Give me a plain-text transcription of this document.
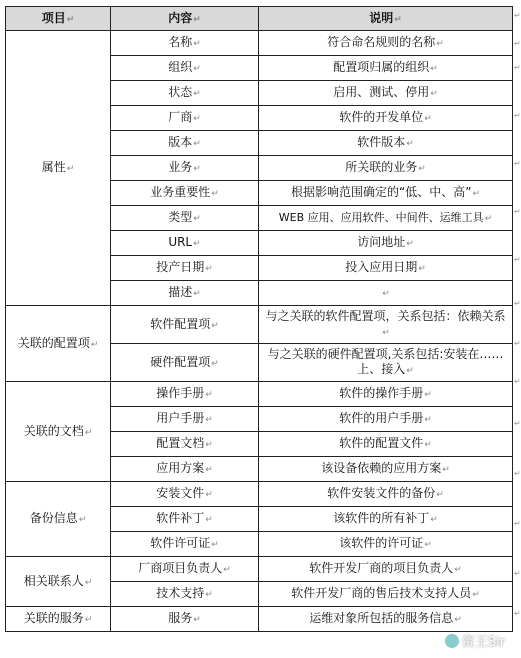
项目↵	内容↵	说明↵
属性↵	名称↵	符合命名规则的名称↵
	组织↵	配置项归属的组织↵
	状态↵	启用、测试、停用↵
	厂商↵	软件的开发单位↵
	版本↵	软件版本↵
	业务↵	所关联的业务↵
	业务重要性↵	根据影响范围确定的“低、中、高”↵
	类型↵	WEB 应用、应用软件、中间件、运维工具↵
	URL↵	访问地址↵
	投产日期↵	投入应用日期↵
	描述↵	↵
关联的配置项↵	软件配置项↵	与之关联的软件配置项，关系包括：依赖关系↵
	硬件配置项↵	与之关联的硬件配置项,关系包括:安装在……上、接入↵
关联的文档↵	操作手册↵	软件的操作手册↵
	用户手册↵	软件的用户手册↵
	配置文档↵	软件的配置文件↵
	应用方案↵	该设备依赖的应用方案↵
备份信息↵	安装文件↵	软件安装文件的备份↵
	软件补丁↵	该软件的所有补丁↵
	软件许可证↵	该软件的许可证↵
相关联系人↵	厂商项目负责人↵	软件开发厂商的项目负责人↵
	技术支持↵	软件开发厂商的售后技术支持人员↵
关联的服务↵	服务↵	运维对象所包括的服务信息↵
↵
↵
↵
↵
↵
↵
↵
↵
↵
↵
↵
↵
↵
↵
↵
资王Sir
